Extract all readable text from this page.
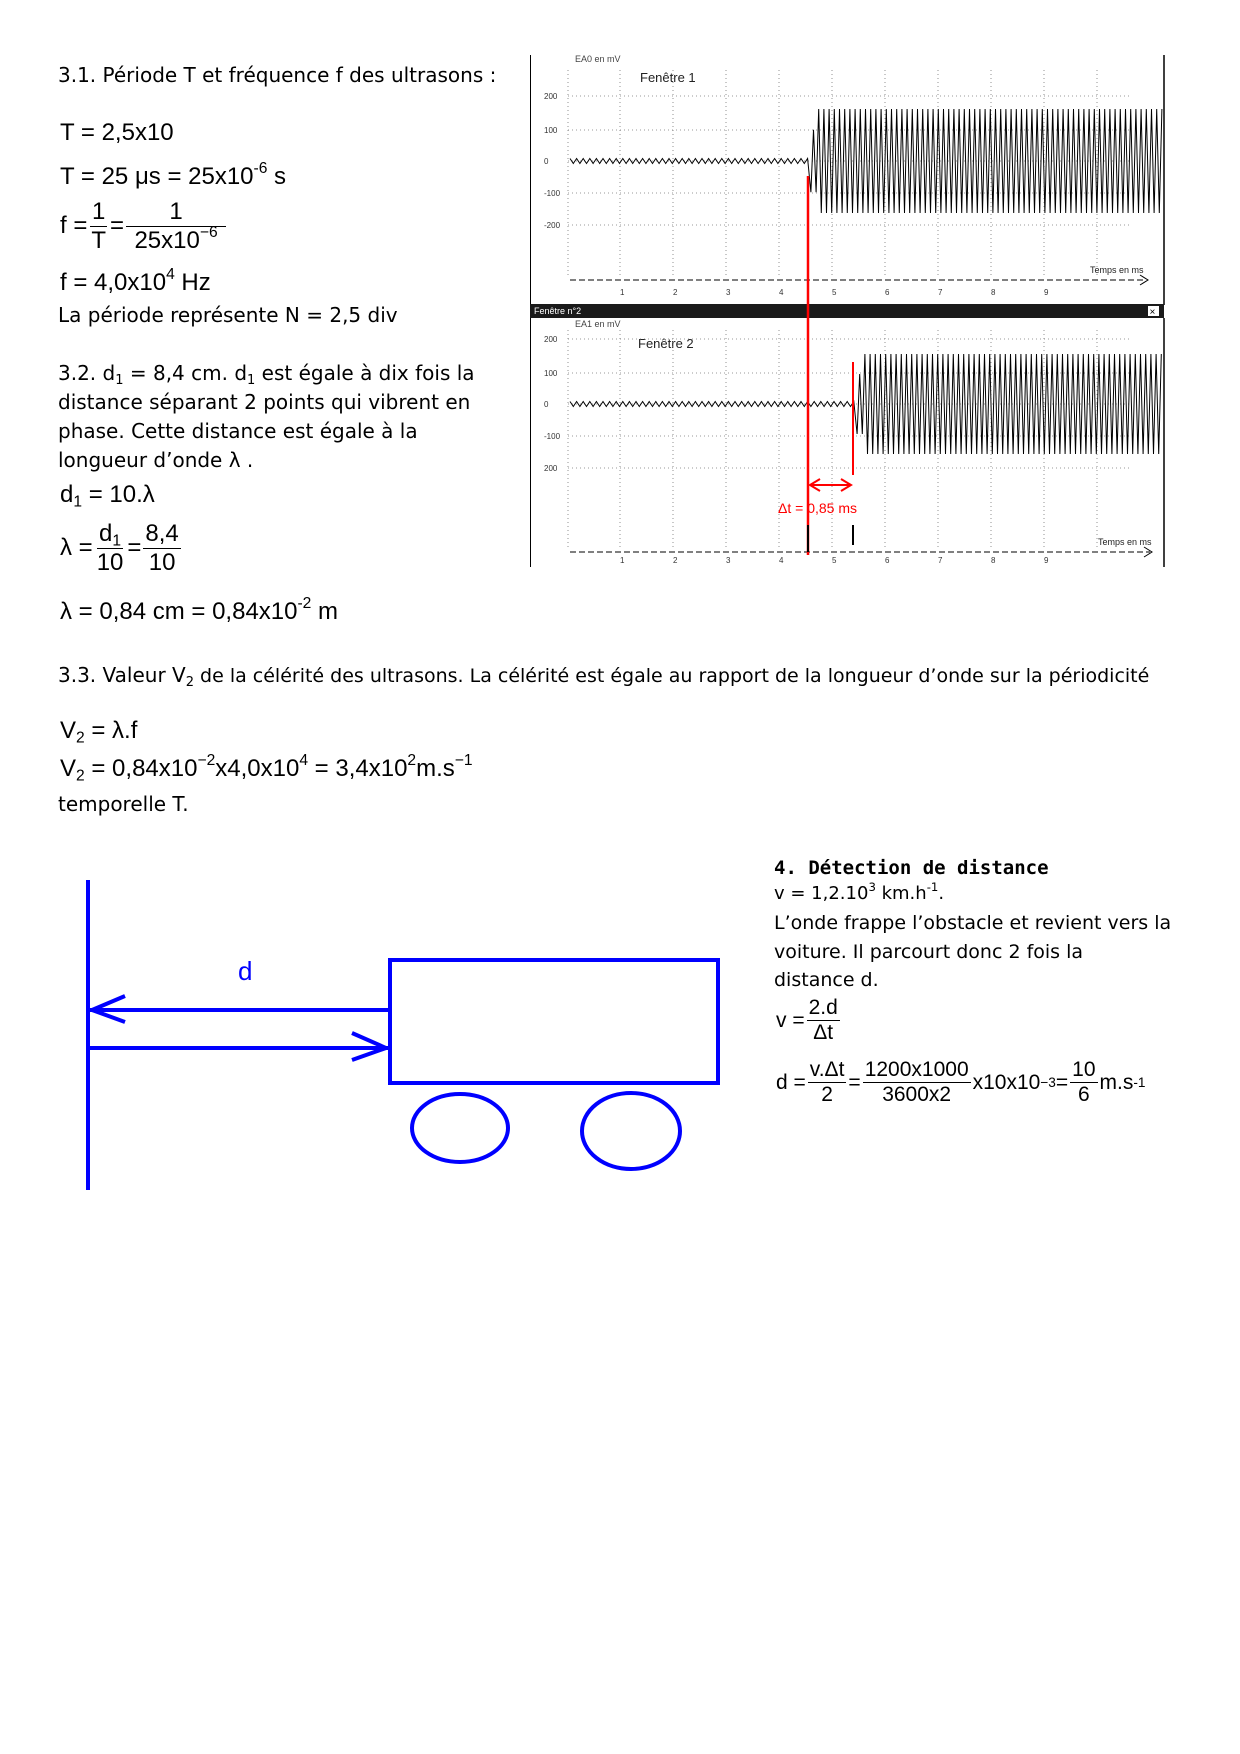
3.1. Période T et fréquence f des ultrasons :
T = 2,5x10
T = 25 $\mu s = 25x10^{-6}$ s
$f = \frac{1}{T} = \frac{1}{25x10^{-6}}$
$f = 4,0x10^4$ Hz
La période représente N = 2,5 div
3.2. $d_1 = 8,4$ cm. $d_1$ est égale à dix fois la
distance séparant 2 points qui vibrent en
phase. Cette distance est égale à la
longueur d’onde λ .
$d_1 = 10.\lambda$
$\lambda = \frac{d_1}{10} = \frac{8,4}{10}$
λ = 0,84 cm = $0,84x10^{-2}$ m
EA0 en mV
Fenêtre 1
200
100
0
-100
-200
1	2	3	4	5	6	7	8	9
Temps en ms
Fenêtre n°2	×
EA1 en mV
Fenêtre 2
200
100
0
-100
200
1	2	3	4	5	6	7	8	9
Temps en ms
Δt = 0,85 ms
3.3. Valeur $V_2$ de la célérité des ultrasons. La célérité est égale au rapport de la longueur d’onde sur la périodicité
$V_2 = \lambda.f$
$V_2 = 0,84x10^{-2}x4,0x10^4 = 3,4x10^2m.s^{-1}$
temporelle T.
d
4. Détection de distance
$v = 1,2.10^3$ $km.h^{-1}$.
L’onde frappe l’obstacle et revient vers la
voiture. Il parcourt donc 2 fois la
distance d.
$v = \frac{2.d}{\Delta t}$
$d = \frac{v.\Delta t}{2} = \frac{1200x1000}{3600x2} x10x10 -3 = \frac{10}{6} m.s$ -1
